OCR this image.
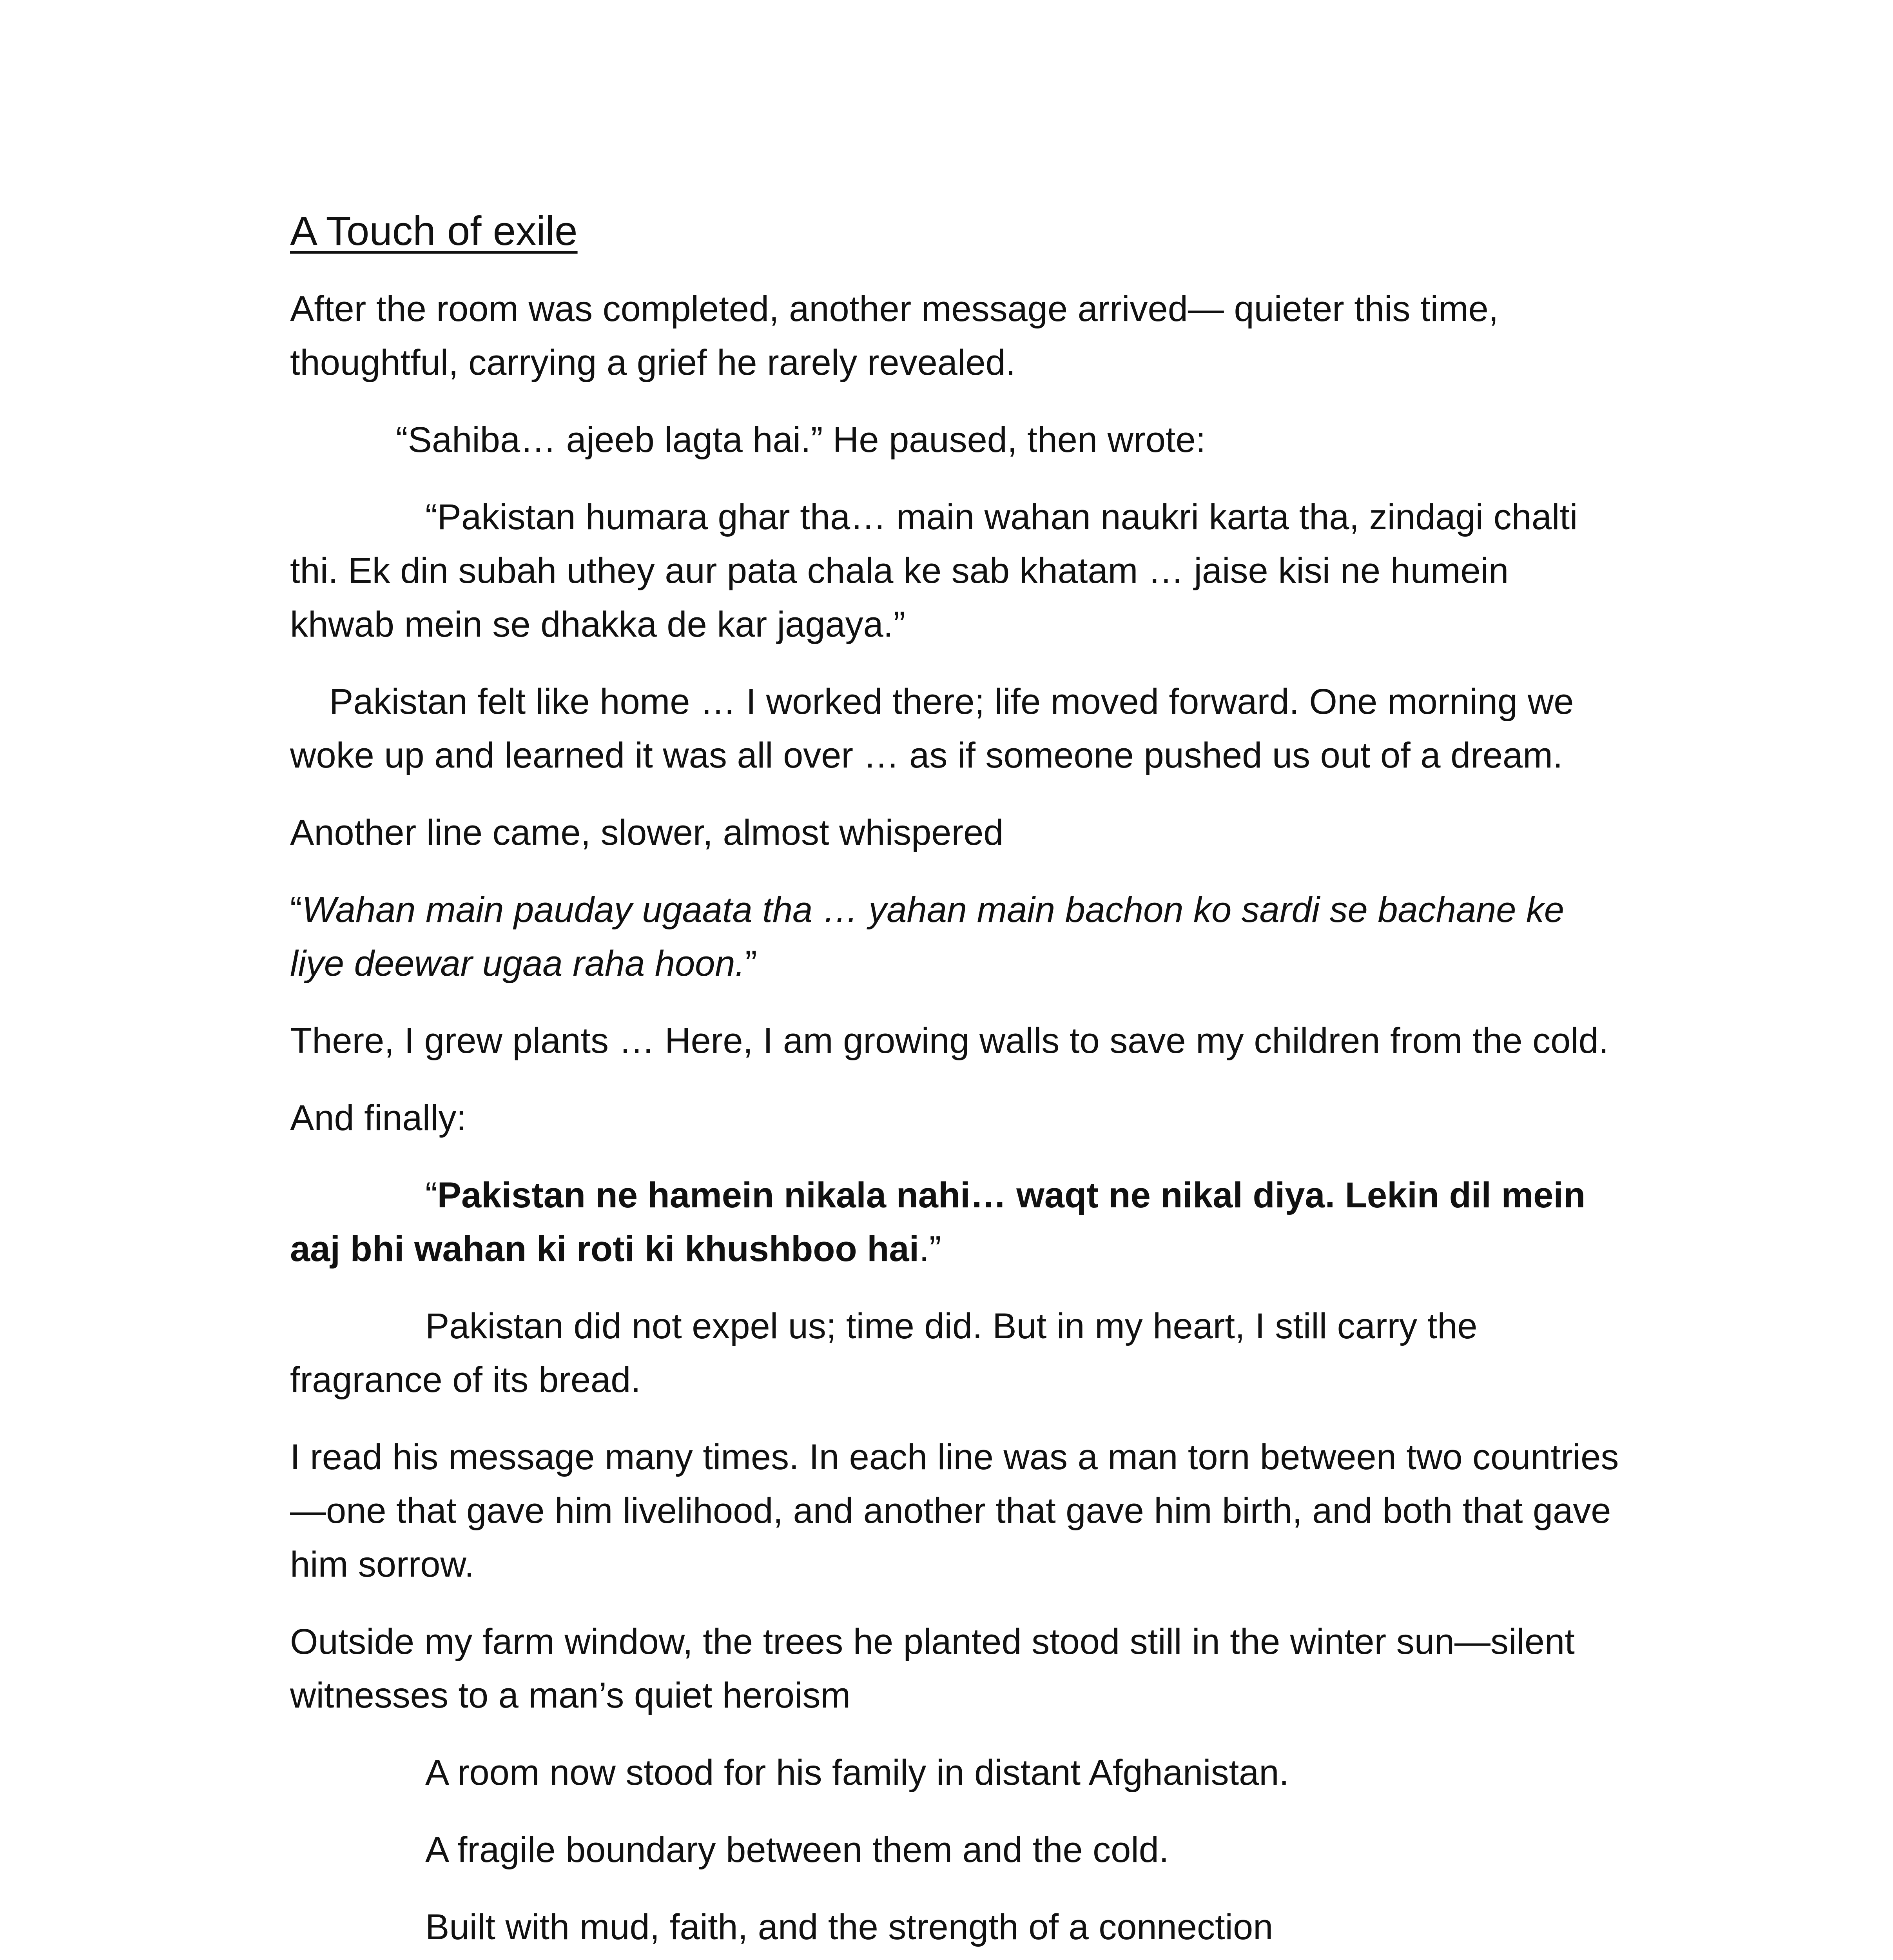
A Touch of exile

After the room was completed, another message arrived— quieter this time, thoughtful, carrying a grief he rarely revealed.

“Sahiba… ajeeb lagta hai.” He paused, then wrote:

“Pakistan humara ghar tha… main wahan naukri karta tha, zindagi chalti thi. Ek din subah uthey aur pata chala ke sab khatam … jaise kisi ne humein khwab mein se dhakka de kar jagaya.”

Pakistan felt like home … I worked there; life moved forward. One morning we woke up and learned it was all over … as if someone pushed us out of a dream.

Another line came, slower, almost whispered

“Wahan main pauday ugaata tha … yahan main bachon ko sardi se bachane ke liye deewar ugaa raha hoon.”

There, I grew plants … Here, I am growing walls to save my children from the cold.

And finally:

“Pakistan ne hamein nikala nahi… waqt ne nikal diya. Lekin dil mein aaj bhi wahan ki roti ki khushboo hai.”

Pakistan did not expel us; time did. But in my heart, I still carry the fragrance of its bread.

I read his message many times. In each line was a man torn between two countries—one that gave him livelihood, and another that gave him birth, and both that gave him sorrow.

Outside my farm window, the trees he planted stood still in the winter sun—silent witnesses to a man’s quiet heroism

A room now stood for his family in distant Afghanistan.

A fragile boundary between them and the cold.

Built with mud, faith, and the strength of a connection
